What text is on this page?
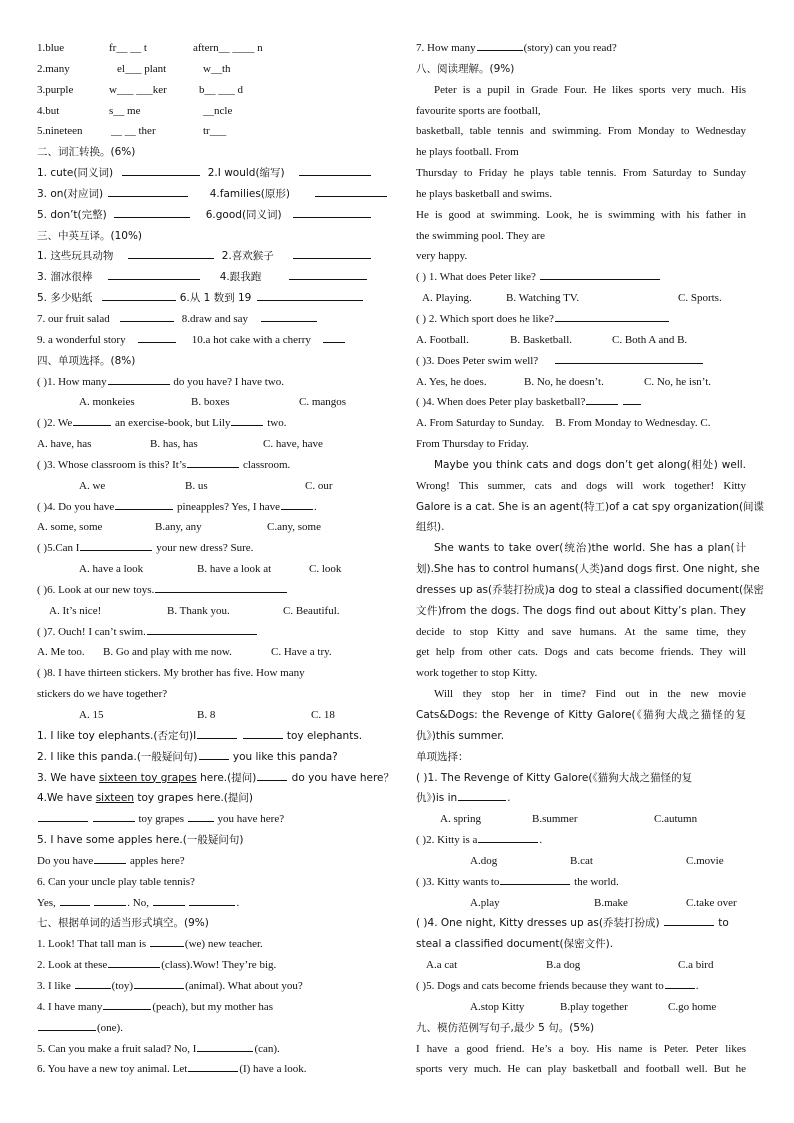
1.blue	fr__ __ t	aftern__ ____ n
2.many	el___ plant	w__th
3.purple	w___ ___ker	b__ ___ d
4.but	s__ me	__ncle
5.nineteen	__ __ ther	tr___
二、词汇转换。(6%)
1. cute(同义词)	2.I would(缩写)
3. on(对应词)	4.families(原形)
5. don’t(完整)	6.good(同义词)
三、中英互译。(10%)
1. 这些玩具动物	2.喜欢猴子
3. 溜冰很棒	4.跟我跑
5. 多少贴纸	6.从 1 数到 19
7. our fruit salad	8.draw and say
9. a wonderful story	10.a hot cake with a cherry
四、单项选择。(8%)
( )1. How many	do you have? I have two.
A. monkeies	B. boxes	C. mangos
( )2. We	an exercise-book, but Lily	two.
A. have, has	B. has, has	C. have, have
( )3. Whose classroom is this? It’s	classroom.
A. we	B. us	C. our
( )4. Do you have	pineapples? Yes, I have	.
A. some, some	B.any, any	C.any, some
( )5.Can I	your new dress? Sure.
A. have a look	B. have a look at	C. look
( )6. Look at our new toys.
A. It’s nice!	B. Thank you.	C. Beautiful.
( )7. Ouch! I can’t swim.
A. Me too.	B. Go and play with me now.	C. Have a try.
( )8. I have thirteen stickers. My brother has five. How many
stickers do we have together?
A. 15	B. 8	C. 18
1. I like toy elephants.(否定句)I	toy elephants.
2. I like this panda.(一般疑问句)	you like this panda?
3. We have sixteen toy grapes here.(提问)	do you have here？
4.We have sixteen toy grapes here.(提问)
toy grapes	you have here?
5. I have some apples here.(一般疑问句)
Do you have	apples here?
6. Can your uncle play table tennis?
Yes,	. No,	.
七、根据单词的适当形式填空。(9%)
1. Look! That tall man is	(we) new teacher.
2. Look at these	(class).Wow! They’re big.
3. I like	(toy)	(animal). What about you?
4. I have many	(peach), but my mother has
(one).
5. Can you make a fruit salad? No, I	(can).
6. You have a new toy animal. Let	(I) have a look.
7. How many	(story) can you read?
八、阅读理解。(9%)
Peter is a pupil in Grade Four. He likes sports very much. His
favourite sports are football,
basketball, table tennis and swimming. From Monday to Wednesday
he plays football. From
Thursday to Friday he plays table tennis. From Saturday to Sunday
he plays basketball and swims.
He is good at swimming. Look, he is swimming with his father in
the swimming pool. They are
very happy.
( ) 1. What does Peter like?
A. Playing.	B. Watching TV.	C. Sports.
( ) 2. Which sport does he like?
A. Football.	B. Basketball.	C. Both A and B.
( )3. Does Peter swim well?
A. Yes, he does.	B. No, he doesn’t.	C. No, he isn’t.
( )4. When does Peter play basketball?
A. From Saturday to Sunday. B. From Monday to Wednesday. C.
From Thursday to Friday.
Maybe you think cats and dogs don’t get along(相处) well.
Wrong! This summer, cats and dogs will work together! Kitty
Galore is a cat. She is an agent(特工)of a cat spy organization(间谍
组织).
She wants to take over(统治)the world. She has a plan(计
划).She has to control humans(人类)and dogs first. One night, she
dresses up as(乔装打扮成)a dog to steal a classified document(保密
文件)from the dogs. The dogs find out about Kitty’s plan. They
decide to stop Kitty and save humans. At the same time, they
get help from other cats. Dogs and cats become friends. They will
work together to stop Kitty.
Will they stop her in time? Find out in the new movie
Cats&Dogs: the Revenge of Kitty Galore(《猫狗大战之猫怪的复
仇》)this summer.
单项选择：
( )1. The Revenge of Kitty Galore(《猫狗大战之猫怪的复
仇》)is in	.
A. spring	B.summer	C.autumn
( )2. Kitty is a	.
A.dog	B.cat	C.movie
( )3. Kitty wants to	the world.
A.play	B.make	C.take over
( )4. One night, Kitty dresses up as(乔装打扮成)	to
steal a classified document(保密文件).
A.a cat	B.a dog	C.a bird
( )5. Dogs and cats become friends because they want to	.
A.stop Kitty	B.play together	C.go home
九、模仿范例写句子,最少 5 句。(5%)
I have a good friend. He’s a boy. His name is Peter. Peter likes
sports very much. He can play basketball and football well. But he
